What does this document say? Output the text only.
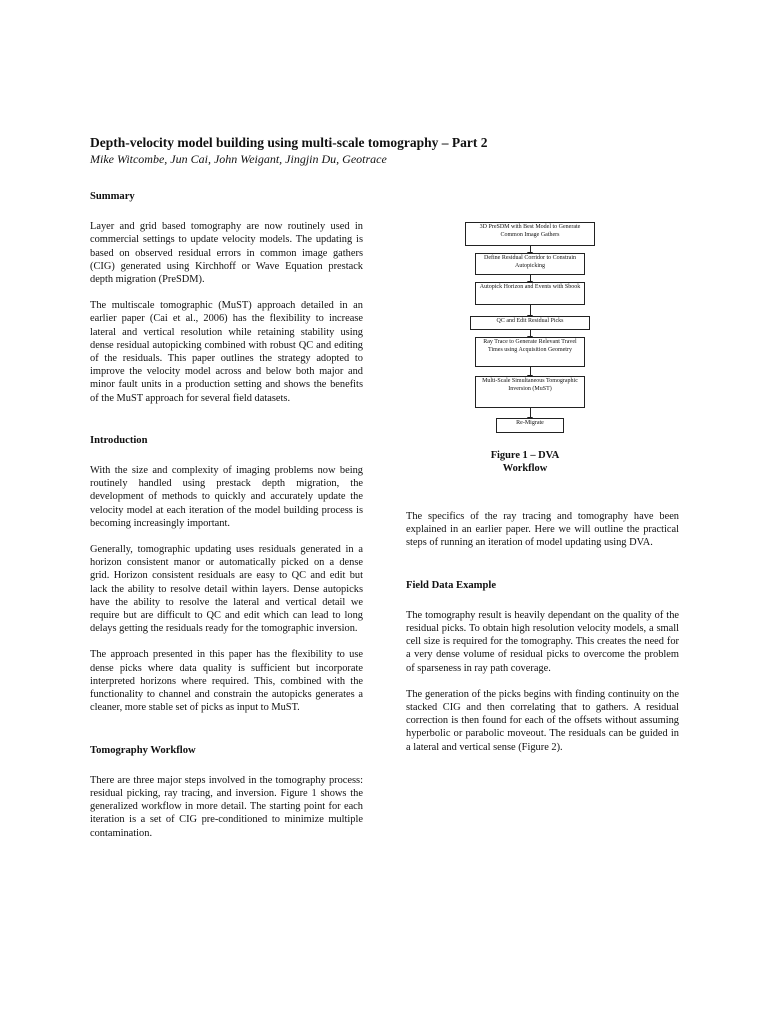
Depth-velocity model building using multi-scale tomography – Part 2
Mike Witcombe, Jun Cai, John Weigant, Jingjin Du, Geotrace
Summary

Layer and grid based tomography are now routinely used in commercial settings to update velocity models. The updating is based on observed residual errors in common image gathers (CIG) generated using Kirchhoff or Wave Equation prestack depth migration (PreSDM).

The multiscale tomographic (MuST) approach detailed in an earlier paper (Cai et al., 2006) has the flexibility to increase lateral and vertical resolution while retaining stability using dense residual autopicking combined with robust QC and editing of the residuals. This paper outlines the strategy adopted to improve the velocity model across and below both major and minor fault units in a production setting and shows the benefits of the MuST approach for several field datasets.

Introduction

With the size and complexity of imaging problems now being routinely handled using prestack depth migration, the development of methods to quickly and accurately update the velocity model at each iteration of the model building process is becoming increasingly important.

Generally, tomographic updating uses residuals generated in a horizon consistent manor or automatically picked on a dense grid. Horizon consistent residuals are easy to QC and edit but lack the ability to resolve detail within layers. Dense autopicks have the ability to resolve the lateral and vertical detail we require but are difficult to QC and edit which can lead to long delays getting the residuals ready for the tomographic inversion.

The approach presented in this paper has the flexibility to use dense picks where data quality is sufficient but incorporate interpreted horizons where required. This, combined with the functionality to channel and constrain the autopicks generates a cleaner, more stable set of picks as input to MuST.

Tomography Workflow

There are three major steps involved in the tomography process: residual picking, ray tracing, and inversion. Figure 1 shows the generalized workflow in more detail. The starting point for each iteration is a set of CIG pre-conditioned to minimize multiple contamination.

3D PreSDM with Best Model to Generate Common Image Gathers
Define Residual Corridor to Constrain Autopicking
Autopick Horizon and Events with Sbook
QC and Edit Residual Picks
Ray Trace to Generate Relevant Travel Times using Acquisition Geometry
Multi-Scale Simultaneous Tomographic Inversion (MuST)
Re-Migrate
Figure 1 – DVA
Workflow

The specifics of the ray tracing and tomography have been explained in an earlier paper. Here we will outline the practical steps of running an iteration of model updating using DVA.

Field Data Example

The tomography result is heavily dependant on the quality of the residual picks. To obtain high resolution velocity models, a small cell size is required for the tomography. This creates the need for a very dense volume of residual picks to overcome the problem of sparseness in ray path coverage.

The generation of the picks begins with finding continuity on the stacked CIG and then correlating that to gathers. A residual correction is then found for each of the offsets without assuming hyperbolic or parabolic moveout. The residuals can be guided in a lateral and vertical sense (Figure 2).
